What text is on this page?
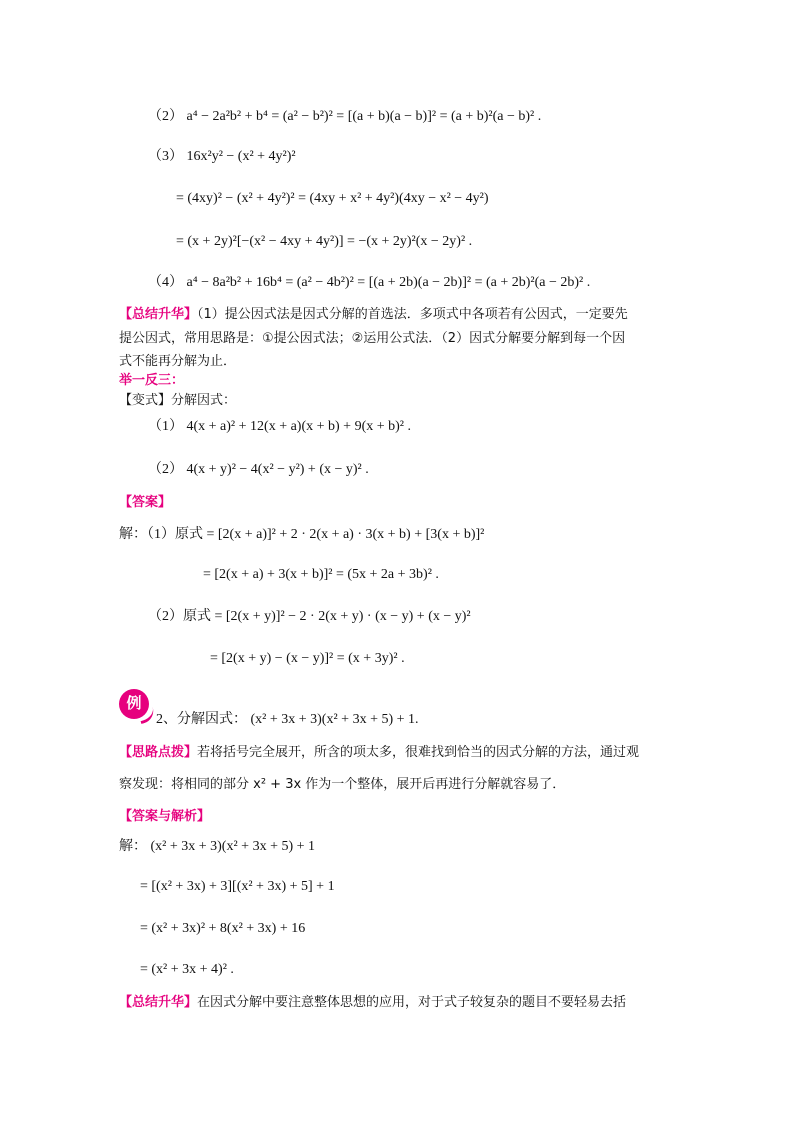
（2） a⁴ − 2a²b² + b⁴ = (a² − b²)² = [(a + b)(a − b)]² = (a + b)²(a − b)² .
（3） 16x²y² − (x² + 4y²)²
= (4xy)² − (x² + 4y²)² = (4xy + x² + 4y²)(4xy − x² − 4y²)
= (x + 2y)²[−(x² − 4xy + 4y²)] = −(x + 2y)²(x − 2y)² .
（4） a⁴ − 8a²b² + 16b⁴ = (a² − 4b²)² = [(a + 2b)(a − 2b)]² = (a + 2b)²(a − 2b)² .
【总结升华】（1）提公因式法是因式分解的首选法．多项式中各项若有公因式，一定要先
提公因式，常用思路是：①提公因式法；②运用公式法．（2）因式分解要分解到每一个因
式不能再分解为止．
举一反三：
【变式】分解因式：
（1） 4(x + a)² + 12(x + a)(x + b) + 9(x + b)² .
（2） 4(x + y)² − 4(x² − y²) + (x − y)² .
【答案】
解：（1）原式 = [2(x + a)]² + 2 · 2(x + a) · 3(x + b) + [3(x + b)]²
= [2(x + a) + 3(x + b)]² = (5x + 2a + 3b)² .
（2）原式 = [2(x + y)]² − 2 · 2(x + y) · (x − y) + (x − y)²
= [2(x + y) − (x − y)]² = (x + 3y)² .
例
2、分解因式： (x² + 3x + 3)(x² + 3x + 5) + 1.
【思路点拨】若将括号完全展开，所含的项太多，很难找到恰当的因式分解的方法，通过观
察发现：将相同的部分 x² + 3x 作为一个整体，展开后再进行分解就容易了．
【答案与解析】
解： (x² + 3x + 3)(x² + 3x + 5) + 1
= [(x² + 3x) + 3][(x² + 3x) + 5] + 1
= (x² + 3x)² + 8(x² + 3x) + 16
= (x² + 3x + 4)² .
【总结升华】在因式分解中要注意整体思想的应用，对于式子较复杂的题目不要轻易去括
